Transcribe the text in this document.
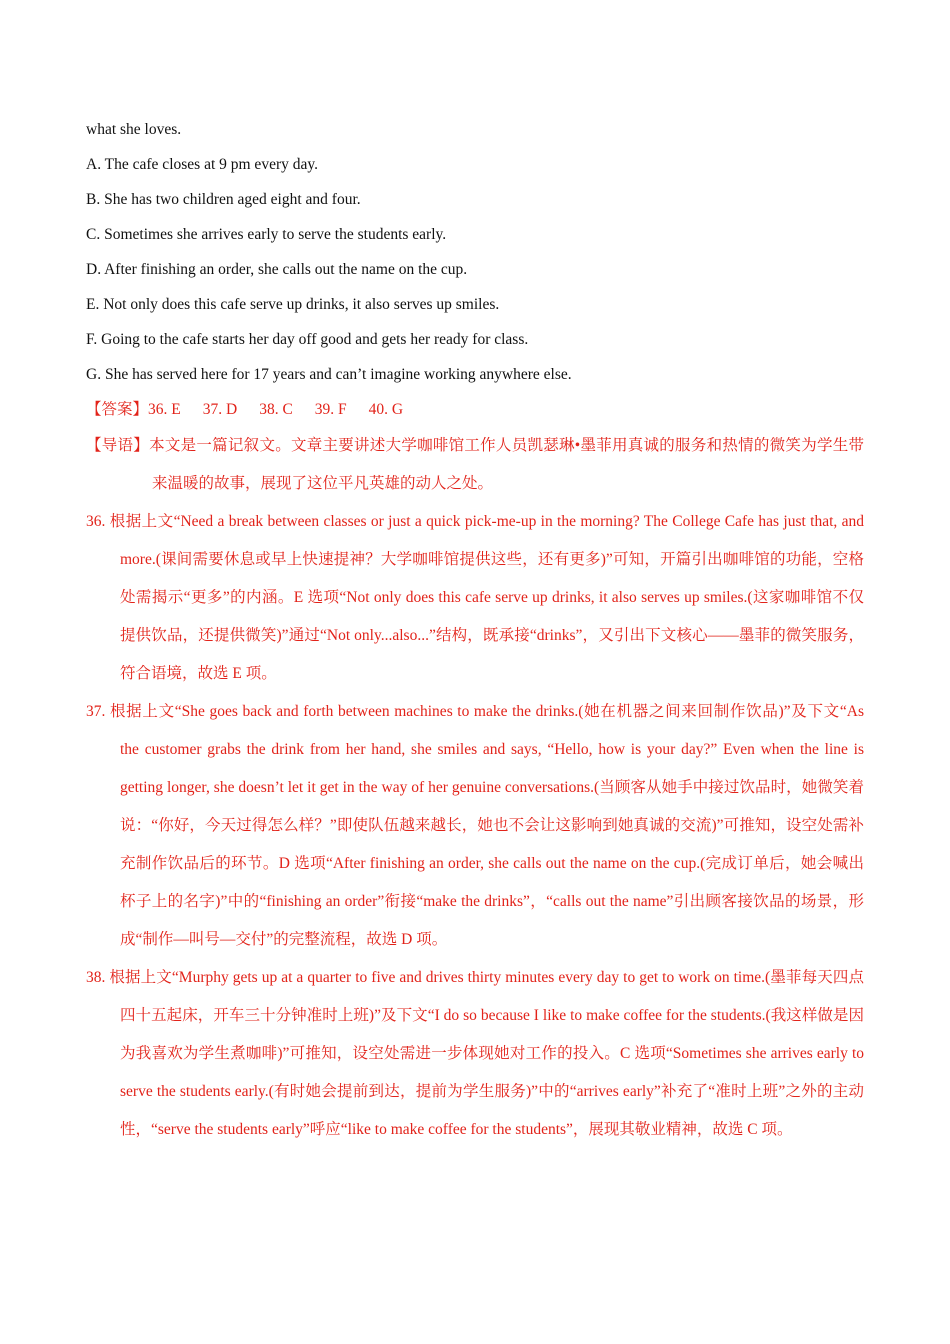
what she loves.
A. The cafe closes at 9 pm every day.
B. She has two children aged eight and four.
C. Sometimes she arrives early to serve the students early.
D. After finishing an order, she calls out the name on the cup.
E. Not only does this cafe serve up drinks, it also serves up smiles.
F. Going to the cafe starts her day off good and gets her ready for class.
G. She has served here for 17 years and can’t imagine working anywhere else.
【答案】36. E 37. D 38. C 39. F 40. G
【导语】本文是一篇记叙文。文章主要讲述大学咖啡馆工作人员凯瑟琳•墨菲用真诚的服务和热情的微笑为学生带来温暖的故事，展现了这位平凡英雄的动人之处。
36. 根据上文“Need a break between classes or just a quick pick-me-up in the morning? The College Cafe has just that, and more.(课间需要休息或早上快速提神？大学咖啡馆提供这些，还有更多)”可知，开篇引出咖啡馆的功能，空格处需揭示“更多”的内涵。E 选项“Not only does this cafe serve up drinks, it also serves up smiles.(这家咖啡馆不仅提供饮品，还提供微笑)”通过“Not only...also...”结构，既承接“drinks”，又引出下文核心——墨菲的微笑服务，符合语境，故选 E 项。
37. 根据上文“She goes back and forth between machines to make the drinks.(她在机器之间来回制作饮品)”及下文“As the customer grabs the drink from her hand, she smiles and says, “Hello, how is your day?” Even when the line is getting longer, she doesn’t let it get in the way of her genuine conversations.(当顾客从她手中接过饮品时，她微笑着说：“你好，今天过得怎么样？”即使队伍越来越长，她也不会让这影响到她真诚的交流)”可推知，设空处需补充制作饮品后的环节。D 选项“After finishing an order, she calls out the name on the cup.(完成订单后，她会喊出杯子上的名字)”中的“finishing an order”衔接“make the drinks”，“calls out the name”引出顾客接饮品的场景，形成“制作—叫号—交付”的完整流程，故选 D 项。
38. 根据上文“Murphy gets up at a quarter to five and drives thirty minutes every day to get to work on time.(墨菲每天四点四十五起床，开车三十分钟准时上班)”及下文“I do so because I like to make coffee for the students.(我这样做是因为我喜欢为学生煮咖啡)”可推知，设空处需进一步体现她对工作的投入。C 选项“Sometimes she arrives early to serve the students early.(有时她会提前到达，提前为学生服务)”中的“arrives early”补充了“准时上班”之外的主动性，“serve the students early”呼应“like to make coffee for the students”，展现其敬业精神，故选 C 项。
